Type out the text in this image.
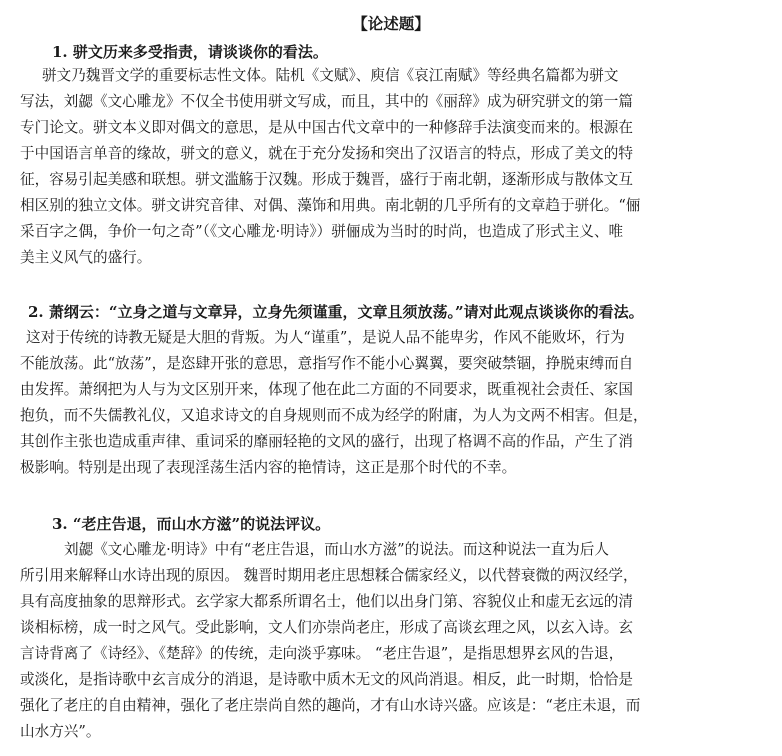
【论述题】
1. 骈文历来多受指责，请谈谈你的看法。
骈文乃魏晋文学的重要标志性文体。陆机《文赋》、庾信《哀江南赋》等经典名篇都为骈文
写法，刘勰《文心雕龙》不仅全书使用骈文写成，而且，其中的《丽辞》成为研究骈文的第一篇
专门论文。骈文本义即对偶文的意思，是从中国古代文章中的一种修辞手法演变而来的。根源在
于中国语言单音的缘故，骈文的意义，就在于充分发扬和突出了汉语言的特点，形成了美文的特
征，容易引起美感和联想。骈文滥觞于汉魏。形成于魏晋，盛行于南北朝，逐渐形成与散体文互
相区别的独立文体。骈文讲究音律、对偶、藻饰和用典。南北朝的几乎所有的文章趋于骈化。“俪
采百字之偶，争价一句之奇”（《文心雕龙·明诗》）骈俪成为当时的时尚，也造成了形式主义、唯
美主义风气的盛行。
2. 萧纲云：“立身之道与文章异，立身先须谨重，文章且须放荡。”请对此观点谈谈你的看法。
这对于传统的诗教无疑是大胆的背叛。为人“谨重”，是说人品不能卑劣，作风不能败坏，行为
不能放荡。此“放荡”，是恣肆开张的意思，意指写作不能小心翼翼，要突破禁锢，挣脱束缚而自
由发挥。萧纲把为人与为文区别开来，体现了他在此二方面的不同要求，既重视社会责任、家国
抱负，而不失儒教礼仪，又追求诗文的自身规则而不成为经学的附庸，为人为文两不相害。但是，
其创作主张也造成重声律、重词采的靡丽轻艳的文风的盛行，出现了格调不高的作品，产生了消
极影响。特别是出现了表现淫荡生活内容的艳情诗，这正是那个时代的不幸。
3. “老庄告退，而山水方滋”的说法评议。
刘勰《文心雕龙·明诗》中有“老庄告退，而山水方滋”的说法。而这种说法一直为后人
所引用来解释山水诗出现的原因。 魏晋时期用老庄思想糅合儒家经义，以代替衰微的两汉经学，
具有高度抽象的思辩形式。玄学家大都系所谓名士，他们以出身门第、容貌仪止和虚无玄远的清
谈相标榜，成一时之风气。受此影响，文人们亦崇尚老庄，形成了高谈玄理之风，以玄入诗。玄
言诗背离了《诗经》、《楚辞》的传统，走向淡乎寡味。 “老庄告退”，是指思想界玄风的告退，
或淡化，是指诗歌中玄言成分的消退，是诗歌中质木无文的风尚消退。相反，此一时期，恰恰是
强化了老庄的自由精神，强化了老庄崇尚自然的趣尚，才有山水诗兴盛。应该是：“老庄未退，而
山水方兴”。
